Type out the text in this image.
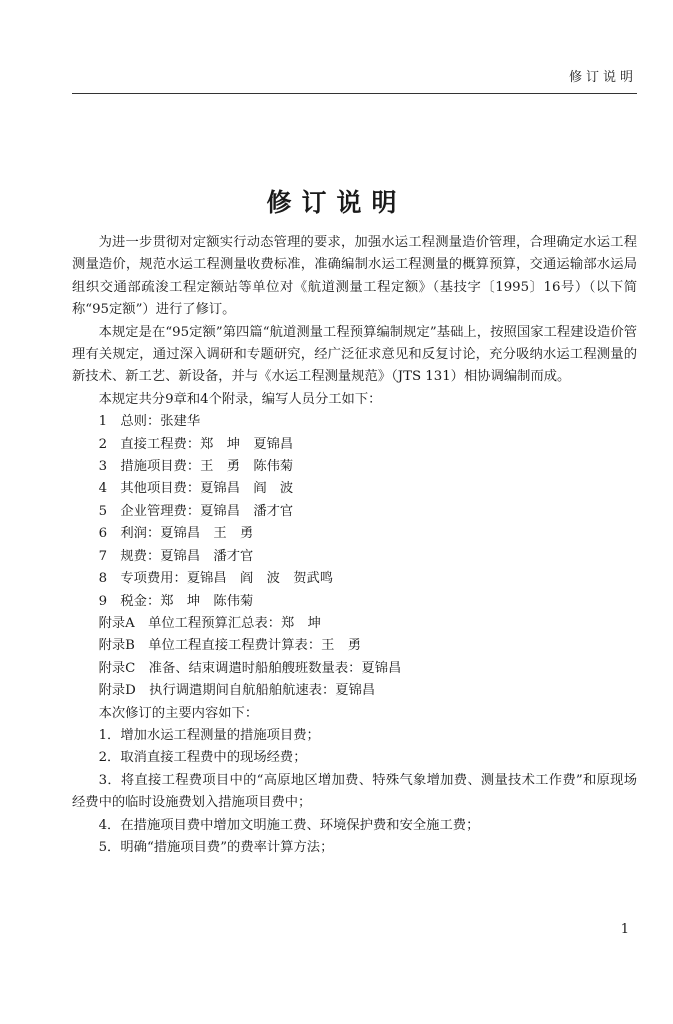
修订说明
修订说明

为进一步贯彻对定额实行动态管理的要求，加强水运工程测量造价管理，合理确定水运工程测量造价，规范水运工程测量收费标准，准确编制水运工程测量的概算预算，交通运输部水运局组织交通部疏浚工程定额站等单位对《航道测量工程定额》（基技字〔1995〕16号）（以下简称“95定额”）进行了修订。

本规定是在“95定额”第四篇“航道测量工程预算编制规定”基础上，按照国家工程建设造价管理有关规定，通过深入调研和专题研究，经广泛征求意见和反复讨论，充分吸纳水运工程测量的新技术、新工艺、新设备，并与《水运工程测量规范》（JTS 131）相协调编制而成。

本规定共分9章和4个附录，编写人员分工如下：

1　总则：张建华

2　直接工程费：郑　坤　夏锦昌

3　措施项目费：王　勇　陈伟菊

4　其他项目费：夏锦昌　阎　波

5　企业管理费：夏锦昌　潘才官

6　利润：夏锦昌　王　勇

7　规费：夏锦昌　潘才官

8　专项费用：夏锦昌　阎　波　贺武鸣

9　税金：郑　坤　陈伟菊

附录A　单位工程预算汇总表：郑　坤

附录B　单位工程直接工程费计算表：王　勇

附录C　准备、结束调遣时船舶艘班数量表：夏锦昌

附录D　执行调遣期间自航船舶航速表：夏锦昌

本次修订的主要内容如下：

1．增加水运工程测量的措施项目费；

2．取消直接工程费中的现场经费；

3．将直接工程费项目中的“高原地区增加费、特殊气象增加费、测量技术工作费”和原现场经费中的临时设施费划入措施项目费中；

4．在措施项目费中增加文明施工费、环境保护费和安全施工费；

5．明确“措施项目费”的费率计算方法；

1
